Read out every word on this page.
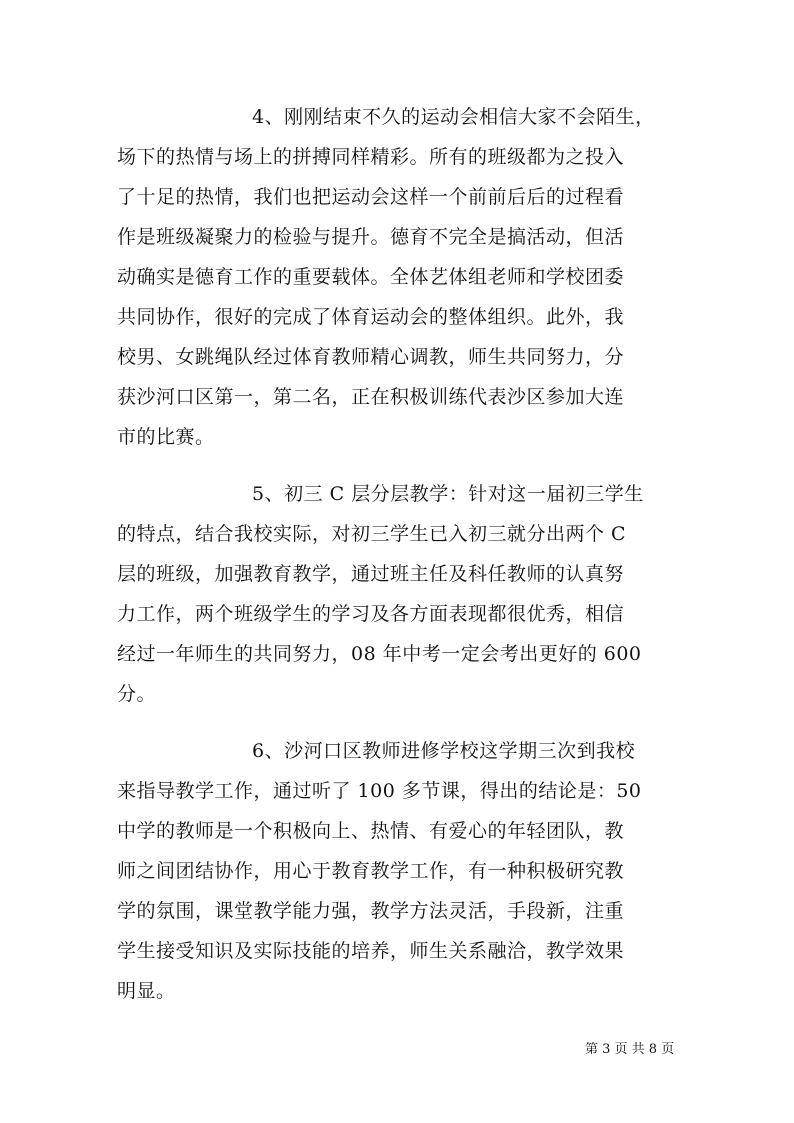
4、刚刚结束不久的运动会相信大家不会陌生，
场下的热情与场上的拼搏同样精彩。所有的班级都为之投入
了十足的热情，我们也把运动会这样一个前前后后的过程看
作是班级凝聚力的检验与提升。德育不完全是搞活动，但活
动确实是德育工作的重要载体。全体艺体组老师和学校团委
共同协作，很好的完成了体育运动会的整体组织。此外，我
校男、女跳绳队经过体育教师精心调教，师生共同努力，分
获沙河口区第一，第二名，正在积极训练代表沙区参加大连
市的比赛。
5、初三 C 层分层教学：针对这一届初三学生
的特点，结合我校实际，对初三学生已入初三就分出两个 C
层的班级，加强教育教学，通过班主任及科任教师的认真努
力工作，两个班级学生的学习及各方面表现都很优秀，相信
经过一年师生的共同努力，08 年中考一定会考出更好的 600
分。
6、沙河口区教师进修学校这学期三次到我校
来指导教学工作，通过听了 100 多节课，得出的结论是：50
中学的教师是一个积极向上、热情、有爱心的年轻团队，教
师之间团结协作，用心于教育教学工作，有一种积极研究教
学的氛围，课堂教学能力强，教学方法灵活，手段新，注重
学生接受知识及实际技能的培养，师生关系融洽，教学效果
明显。
第 3 页 共 8 页
